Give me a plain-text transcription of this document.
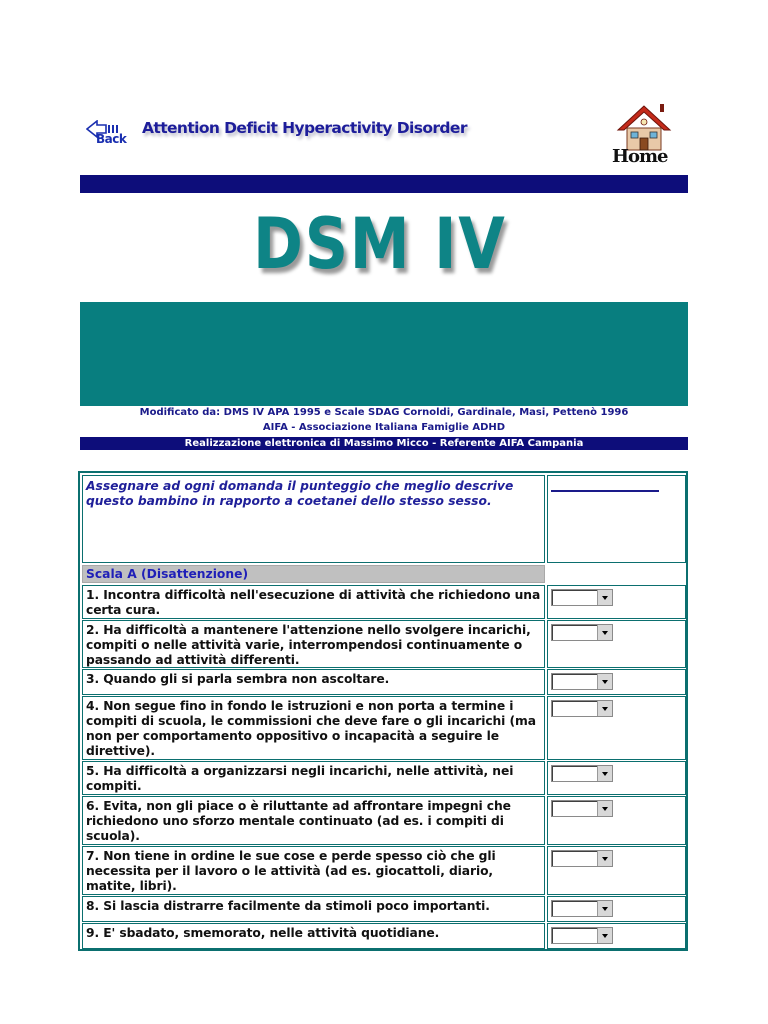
Back
Attention Deficit Hyperactivity Disorder
Home
DSM IV
Modificato da: DMS IV APA 1995 e Scale SDAG Cornoldi, Gardinale, Masi, Pettenò 1996
AIFA - Associazione Italiana Famiglie ADHD
Realizzazione elettronica di Massimo Micco - Referente AIFA Campania
Assegnare ad ogni domanda il punteggio che meglio descrive questo bambino in rapporto a coetanei dello stesso sesso.
Scala A (Disattenzione)
1. Incontra difficoltà nell'esecuzione di attività che richiedono una certa cura.
2. Ha difficoltà a mantenere l'attenzione nello svolgere incarichi, compiti o nelle attività varie, interrompendosi continuamente o passando ad attività differenti.
3. Quando gli si parla sembra non ascoltare.
4. Non segue fino in fondo le istruzioni e non porta a termine i compiti di scuola, le commissioni che deve fare o gli incarichi (ma non per comportamento oppositivo o incapacità a seguire le direttive).
5. Ha difficoltà a organizzarsi negli incarichi, nelle attività, nei compiti.
6. Evita, non gli piace o è riluttante ad affrontare impegni che richiedono uno sforzo mentale continuato (ad es. i compiti di scuola).
7. Non tiene in ordine le sue cose e perde spesso ciò che gli necessita per il lavoro o le attività (ad es. giocattoli, diario, matite, libri).
8. Si lascia distrarre facilmente da stimoli poco importanti.
9. E' sbadato, smemorato, nelle attività quotidiane.
